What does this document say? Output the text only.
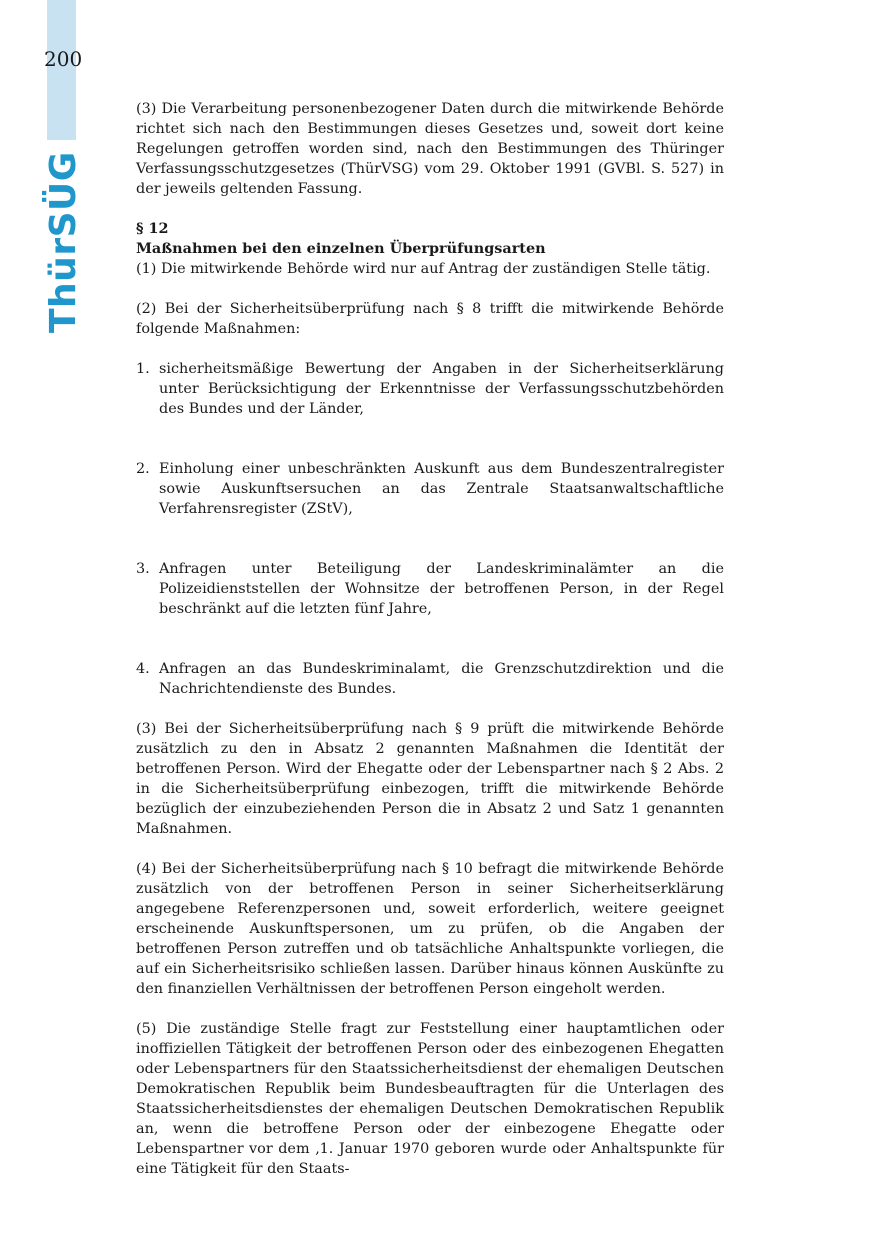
200
ThürSÜG

(3) Die Verarbeitung personenbezogener Daten durch die mitwirkende Behörde richtet sich nach den Bestimmungen dieses Gesetzes und, soweit dort keine Regelungen getroffen worden sind, nach den Bestimmungen des Thüringer Verfassungsschutzgesetzes (ThürVSG) vom 29. Oktober 1991 (GVBl. S. 527) in der jeweils geltenden Fassung.

§ 12

Maßnahmen bei den einzelnen Überprüfungsarten

(1) Die mitwirkende Behörde wird nur auf Antrag der zuständigen Stelle tätig.

(2) Bei der Sicherheitsüberprüfung nach § 8 trifft die mitwirkende Behörde folgende Maßnahmen:

1. sicherheitsmäßige Bewertung der Angaben in der Sicherheitserklärung unter Berücksichtigung der Erkenntnisse der Verfassungsschutzbehörden des Bundes und der Länder,
2. Einholung einer unbeschränkten Auskunft aus dem Bundeszentralregister sowie Auskunftsersuchen an das Zentrale Staatsanwaltschaftliche Verfahrensregister (ZStV),
3. Anfragen unter Beteiligung der Landeskriminalämter an die Polizeidienststellen der Wohnsitze der betroffenen Person, in der Regel beschränkt auf die letzten fünf Jahre,
4. Anfragen an das Bundeskriminalamt, die Grenzschutzdirektion und die Nachrichtendienste des Bundes.

(3) Bei der Sicherheitsüberprüfung nach § 9 prüft die mitwirkende Behörde zusätzlich zu den in Absatz 2 genannten Maßnahmen die Identität der betroffenen Person. Wird der Ehegatte oder der Lebenspartner nach § 2 Abs. 2 in die Sicherheitsüberprüfung einbezogen, trifft die mitwirkende Behörde bezüglich der einzubeziehenden Person die in Absatz 2 und Satz 1 genannten Maßnahmen.

(4) Bei der Sicherheitsüberprüfung nach § 10 befragt die mitwirkende Behörde zusätzlich von der betroffenen Person in seiner Sicherheitserklärung angegebene Referenzpersonen und, soweit erforderlich, weitere geeignet erscheinende Auskunftspersonen, um zu prüfen, ob die Angaben der betroffenen Person zutreffen und ob tatsächliche Anhaltspunkte vorliegen, die auf ein Sicherheitsrisiko schließen lassen. Darüber hinaus können Auskünfte zu den finanziellen Verhältnissen der betroffenen Person eingeholt werden.

(5) Die zuständige Stelle fragt zur Feststellung einer hauptamtlichen oder inoffiziellen Tätigkeit der betroffenen Person oder des einbezogenen Ehegatten oder Lebenspartners für den Staatssicherheitsdienst der ehemaligen Deutschen Demokratischen Republik beim Bundesbeauftragten für die Unterlagen des Staatssicherheitsdienstes der ehemaligen Deutschen Demokratischen Republik an, wenn die betroffene Person oder der einbezogene Ehegatte oder Lebenspartner vor dem ‚1. Januar 1970 geboren wurde oder Anhaltspunkte für eine Tätigkeit für den Staats-
